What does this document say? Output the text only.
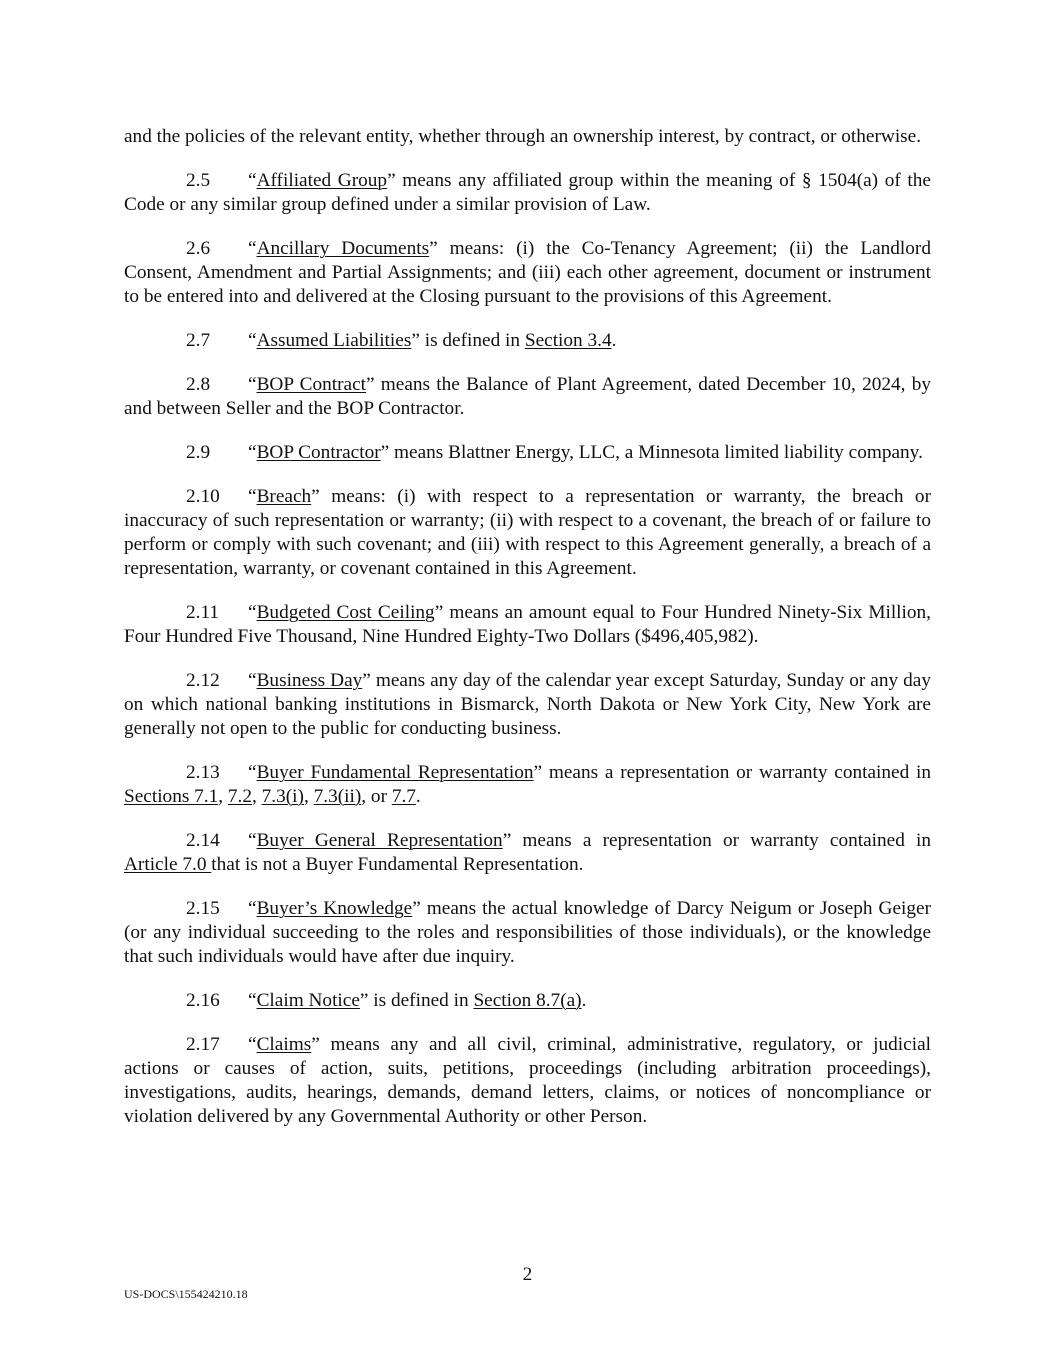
and the policies of the relevant entity, whether through an ownership interest, by contract, or otherwise.

2.5 “Affiliated Group” means any affiliated group within the meaning of § 1504(a) of the Code or any similar group defined under a similar provision of Law.

2.6 “Ancillary Documents” means: (i) the Co-Tenancy Agreement; (ii) the Landlord Consent, Amendment and Partial Assignments; and (iii) each other agreement, document or instrument to be entered into and delivered at the Closing pursuant to the provisions of this Agreement.

2.7 “Assumed Liabilities” is defined in Section 3.4.

2.8 “BOP Contract” means the Balance of Plant Agreement, dated December 10, 2024, by and between Seller and the BOP Contractor.

2.9 “BOP Contractor” means Blattner Energy, LLC, a Minnesota limited liability company.

2.10 “Breach” means: (i) with respect to a representation or warranty, the breach or inaccuracy of such representation or warranty; (ii) with respect to a covenant, the breach of or failure to perform or comply with such covenant; and (iii) with respect to this Agreement generally, a breach of a representation, warranty, or covenant contained in this Agreement.

2.11 “Budgeted Cost Ceiling” means an amount equal to Four Hundred Ninety-Six Million, Four Hundred Five Thousand, Nine Hundred Eighty-Two Dollars ($496,405,982).

2.12 “Business Day” means any day of the calendar year except Saturday, Sunday or any day on which national banking institutions in Bismarck, North Dakota or New York City, New York are generally not open to the public for conducting business.

2.13 “Buyer Fundamental Representation” means a representation or warranty contained in Sections 7.1, 7.2, 7.3(i), 7.3(ii), or 7.7.

2.14 “Buyer General Representation” means a representation or warranty contained in Article 7.0 that is not a Buyer Fundamental Representation.

2.15 “Buyer’s Knowledge” means the actual knowledge of Darcy Neigum or Joseph Geiger (or any individual succeeding to the roles and responsibilities of those individuals), or the knowledge that such individuals would have after due inquiry.

2.16 “Claim Notice” is defined in Section 8.7(a).

2.17 “Claims” means any and all civil, criminal, administrative, regulatory, or judicial actions or causes of action, suits, petitions, proceedings (including arbitration proceedings), investigations, audits, hearings, demands, demand letters, claims, or notices of noncompliance or violation delivered by any Governmental Authority or other Person.

2
US-DOCS\155424210.18
